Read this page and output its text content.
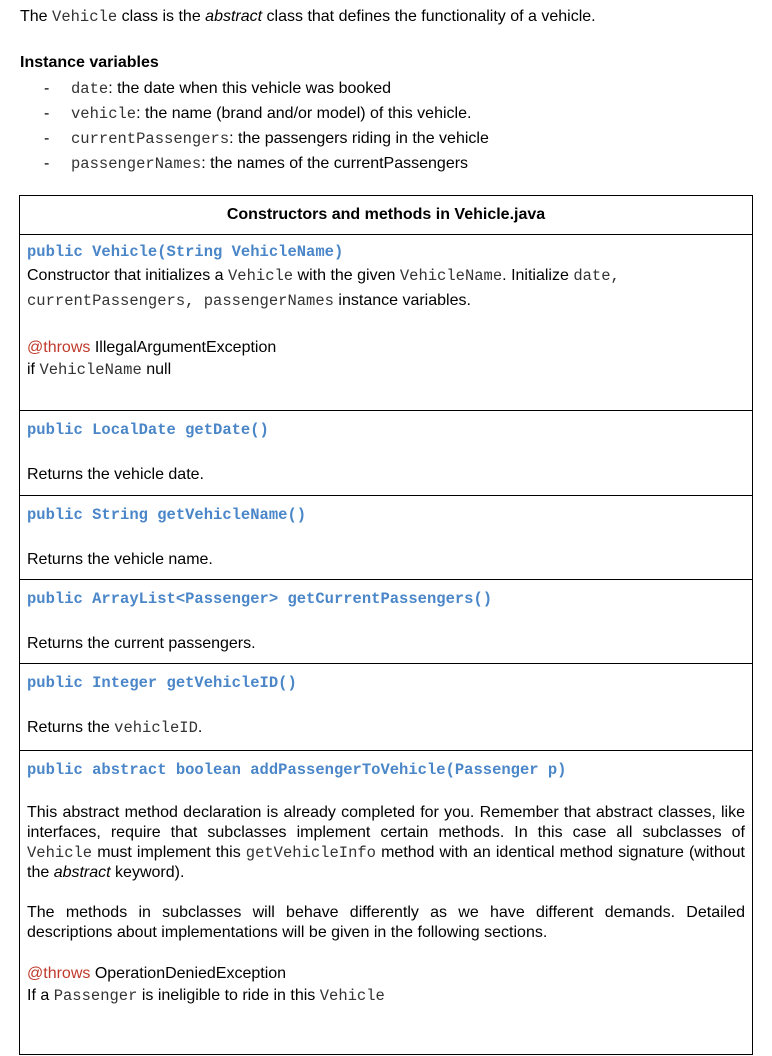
The Vehicle class is the abstract class that defines the functionality of a vehicle.
Instance variables
- date: the date when this vehicle was booked
- vehicle: the name (brand and/or model) of this vehicle.
- currentPassengers: the passengers riding in the vehicle
- passengerNames: the names of the currentPassengers
Constructors and methods in Vehicle.java
public Vehicle(String VehicleName)
Constructor that initializes a Vehicle with the given VehicleName. Initialize date,
currentPassengers, passengerNames instance variables.
@throws IllegalArgumentException
if VehicleName null
public LocalDate getDate()
Returns the vehicle date.
public String getVehicleName()
Returns the vehicle name.
public ArrayList<Passenger> getCurrentPassengers()
Returns the current passengers.
public Integer getVehicleID()
Returns the vehicleID.
public abstract boolean addPassengerToVehicle(Passenger p)
This abstract method declaration is already completed for you. Remember that abstract classes, like interfaces, require that subclasses implement certain methods. In this case all subclasses of Vehicle must implement this getVehicleInfo method with an identical method signature (without the abstract keyword).
The methods in subclasses will behave differently as we have different demands. Detailed descriptions about implementations will be given in the following sections.
@throws OperationDeniedException
If a Passenger is ineligible to ride in this Vehicle
